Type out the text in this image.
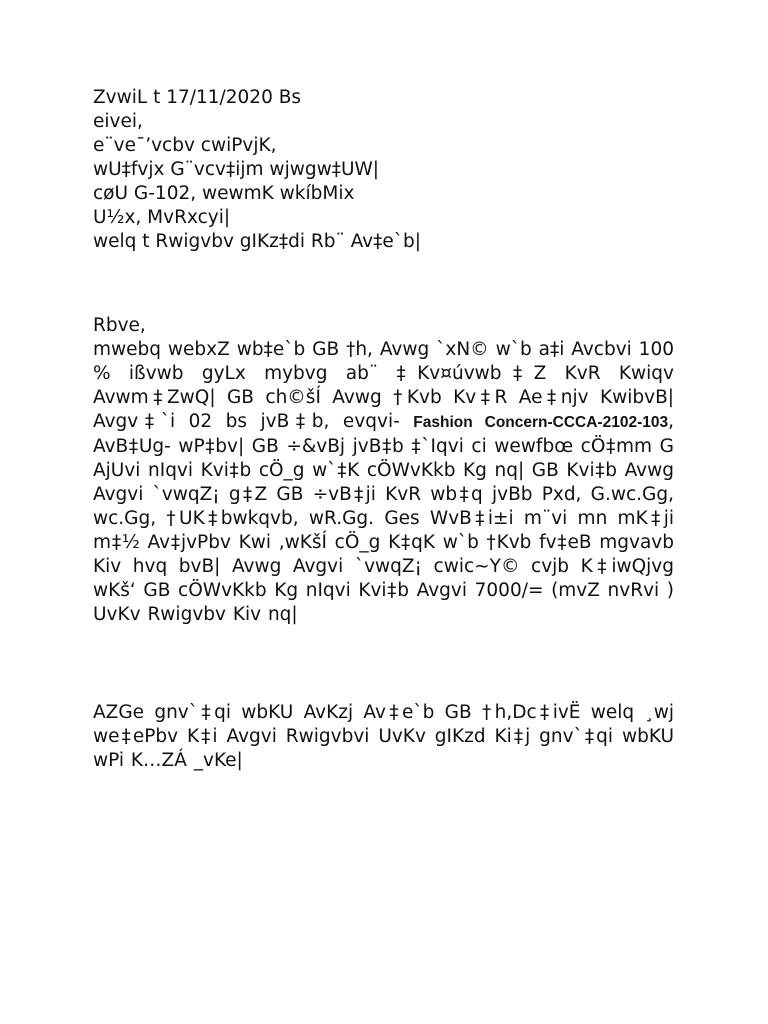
ZvwiL t 17/11/2020 Bs
eivei,
e¨ve¯’vcbv cwiPvjK,
wU‡fvjx G¨vcv‡ijm wjwgw‡UW|
cøU G-102, wewmK wkíbMix
U½x, MvRxcyi|
welq t Rwigvbv gIKz‡di Rb¨ Av‡e`b|
Rbve,
mwebq webxZ wb‡e`b GB †h, Avwg `xN© w`b a‡i Avcbvi 100 % ißvwb gyLx mybvg ab¨ ‡Kv¤úvwb‡Z KvR Kwiqv Avwm‡ZwQ| GB ch©šÍ Avwg †Kvb Kv‡R Ae‡njv KwibvB| Avgv‡`i 02 bs jvB‡b, evqvi- Fashion Concern-CCCA-2102-103, AvB‡Ug- wP‡bv| GB ÷&vBj jvB‡b ‡`Iqvi ci wewfbœ cÖ‡mm G AjUvi nIqvi Kvi‡b cÖ_g w`‡K cÖWvKkb Kg nq| GB Kvi‡b Avwg Avgvi `vwqZ¡ g‡Z GB ÷vB‡ji KvR wb‡q jvBb Pxd, G.wc.Gg, wc.Gg, †UK‡bwkqvb, wR.Gg. Ges WvB‡i±i m¨vi mn mK‡ji m‡½ Av‡jvPbv Kwi ,wKšÍ cÖ_g K‡qK w`b †Kvb fv‡eB mgvavb Kiv hvq bvB| Avwg Avgvi `vwqZ¡ cwic~Y© cvjb K‡iwQjvg wKš‘ GB cÖWvKkb Kg nIqvi Kvi‡b Avgvi 7000/= (mvZ nvRvi ) UvKv Rwigvbv Kiv nq|
AZGe gnv`‡qi wbKU AvKzj Av‡e`b GB †h,Dc‡ivË welq ¸wj we‡ePbv K‡i Avgvi Rwigvbvi UvKv gIKzd Ki‡j gnv`‡qi wbKU wPi K…ZÁ _vKe|
